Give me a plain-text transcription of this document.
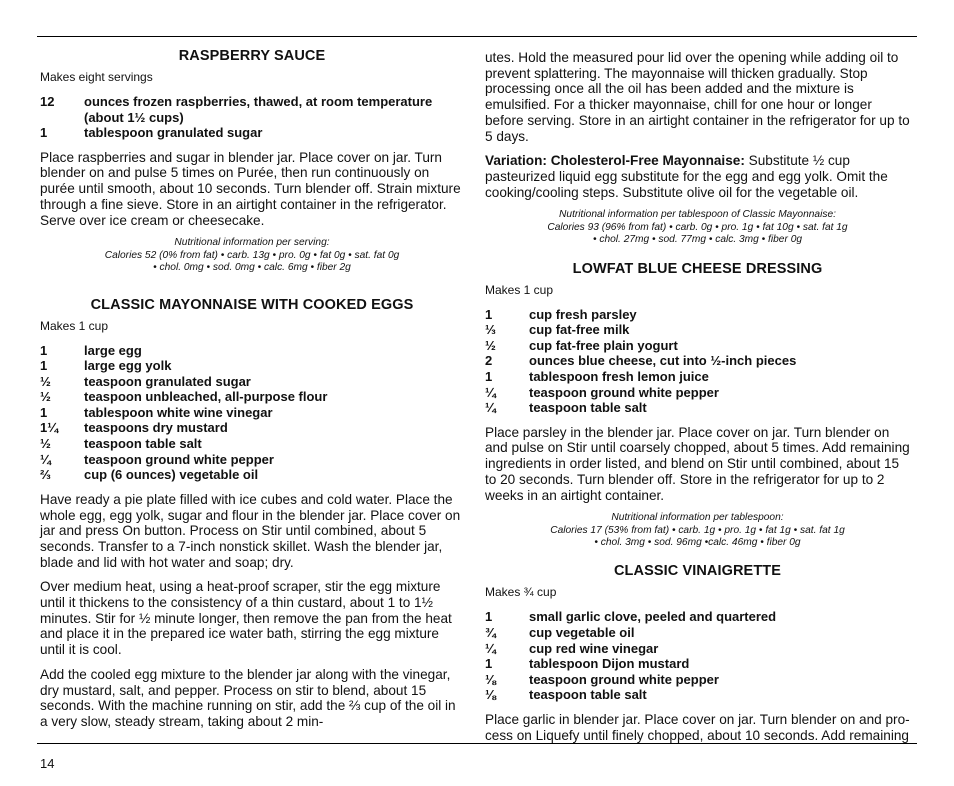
RASPBERRY SAUCE
Makes eight servings
12	ounces frozen raspberries, thawed, at room temperature (about 1½ cups)
1	tablespoon granulated sugar

Place raspberries and sugar in blender jar. Place cover on jar. Turn blender on and pulse 5 times on Purée, then run continuously on purée until smooth, about 10 seconds. Turn blender off. Strain mixture through a fine sieve. Store in an airtight container in the refrigerator. Serve over ice cream or cheesecake.

Nutritional information per serving:
Calories 52 (0% from fat) • carb. 13g • pro. 0g • fat 0g • sat. fat 0g
• chol. 0mg • sod. 0mg • calc. 6mg • fiber 2g
CLASSIC MAYONNAISE WITH COOKED EGGS
Makes 1 cup
1	large egg
1	large egg yolk
½	teaspoon granulated sugar
½	teaspoon unbleached, all-purpose flour
1	tablespoon white wine vinegar
1¼	teaspoons dry mustard
½	teaspoon table salt
¼	teaspoon ground white pepper
⅔	cup (6 ounces) vegetable oil

Have ready a pie plate filled with ice cubes and cold water. Place the whole egg, egg yolk, sugar and flour in the blender jar. Place cover on jar and press On button. Process on Stir until combined, about 5 seconds. Transfer to a 7-inch nonstick skillet. Wash the blender jar, blade and lid with hot water and soap; dry.

Over medium heat, using a heat-proof scraper, stir the egg mixture until it thickens to the consistency of a thin custard, about 1 to 1½ minutes. Stir for ½ minute longer, then remove the pan from the heat and place it in the prepared ice water bath, stirring the egg mixture until it is cool.

Add the cooled egg mixture to the blender jar along with the vinegar, dry mustard, salt, and pepper. Process on stir to blend, about 15 seconds. With the machine running on stir, add the ⅔ cup of the oil in a very slow, steady stream, taking about 2 min-

utes. Hold the measured pour lid over the opening while adding oil to prevent splattering. The mayonnaise will thicken gradually. Stop processing once all the oil has been added and the mixture is emulsified. For a thicker mayonnaise, chill for one hour or longer before serving. Store in an airtight container in the refrigerator for up to 5 days.

Variation: Cholesterol-Free Mayonnaise: Substitute ½ cup pasteurized liquid egg substitute for the egg and egg yolk. Omit the cooking/cooling steps. Substitute olive oil for the vegetable oil.

Nutritional information per tablespoon of Classic Mayonnaise:
Calories 93 (96% from fat) • carb. 0g • pro. 1g • fat 10g • sat. fat 1g
• chol. 27mg • sod. 77mg • calc. 3mg • fiber 0g
LOWFAT BLUE CHEESE DRESSING
Makes 1 cup
1	cup fresh parsley
⅓	cup fat-free milk
½	cup fat-free plain yogurt
2	ounces blue cheese, cut into ½-inch pieces
1	tablespoon fresh lemon juice
¼	teaspoon ground white pepper
¼	teaspoon table salt

Place parsley in the blender jar. Place cover on jar. Turn blender on and pulse on Stir until coarsely chopped, about 5 times. Add remaining ingredients in order listed, and blend on Stir until combined, about 15 to 20 seconds. Turn blender off. Store in the refrigerator for up to 2 weeks in an airtight container.

Nutritional information per tablespoon:
Calories 17 (53% from fat) • carb. 1g • pro. 1g • fat 1g • sat. fat 1g
• chol. 3mg • sod. 96mg •calc. 46mg • fiber 0g
CLASSIC VINAIGRETTE
Makes ¾ cup
1	small garlic clove, peeled and quartered
¾	cup vegetable oil
¼	cup red wine vinegar
1	tablespoon Dijon mustard
⅛	teaspoon ground white pepper
⅛	teaspoon table salt

Place garlic in blender jar. Place cover on jar. Turn blender on and process on Liquefy until finely chopped, about 10 seconds. Add remaining

14
